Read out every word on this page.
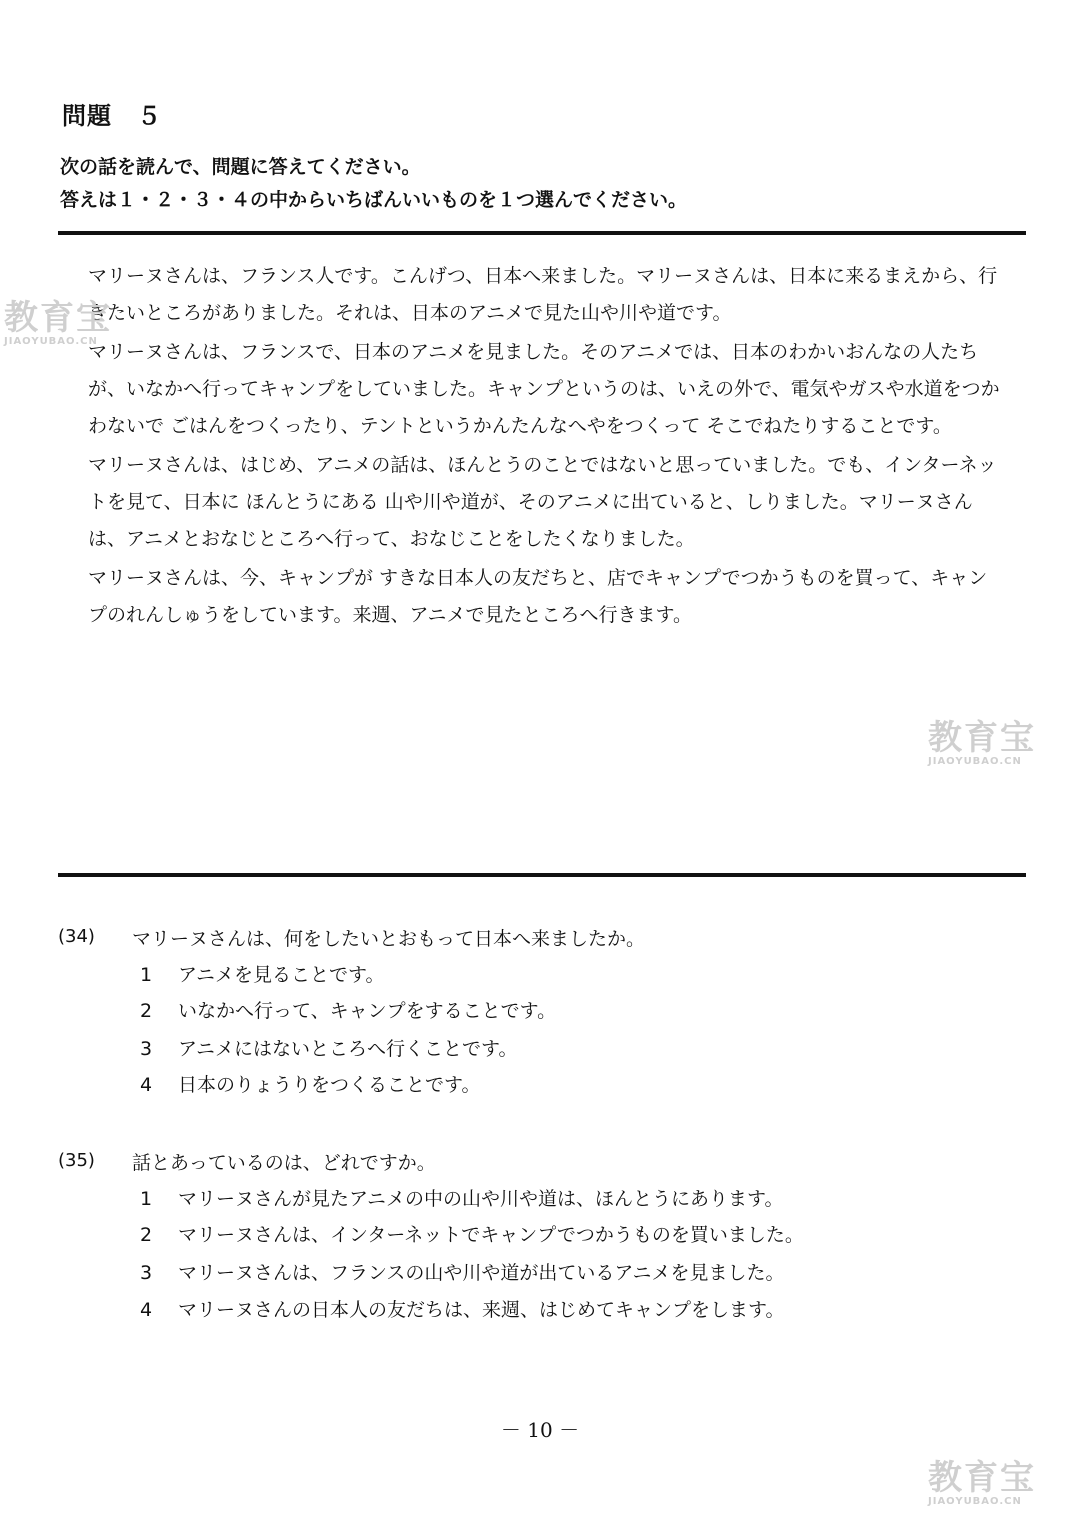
問題　５
次の話を読んで、問題に答えてください。
答えは１・２・３・４の中からいちばんいいものを１つ選んでください。

マリーヌさんは、フランス人です。こんげつ、日本へ来ました。マリーヌさんは、日本に来るまえから、行きたいところがありました。それは、日本のアニメで見た山や川や道です。

マリーヌさんは、フランスで、日本のアニメを見ました。そのアニメでは、日本のわかいおんなの人たちが、いなかへ行ってキャンプをしていました。キャンプというのは、いえの外で、電気やガスや水道をつかわないで ごはんをつくったり、テントというかんたんなへやをつくって そこでねたりすることです。

マリーヌさんは、はじめ、アニメの話は、ほんとうのことではないと思っていました。でも、インターネットを見て、日本に ほんとうにある 山や川や道が、そのアニメに出ていると、しりました。マリーヌさんは、アニメとおなじところへ行って、おなじことをしたくなりました。

マリーヌさんは、今、キャンプが すきな日本人の友だちと、店でキャンプでつかうものを買って、キャンプのれんしゅうをしています。来週、アニメで見たところへ行きます。

(34) マリーヌさんは、何をしたいとおもって日本へ来ましたか。
1 アニメを見ることです。
2 いなかへ行って、キャンプをすることです。
3 アニメにはないところへ行くことです。
4 日本のりょうりをつくることです。
(35) 話とあっているのは、どれですか。
1 マリーヌさんが見たアニメの中の山や川や道は、ほんとうにあります。
2 マリーヌさんは、インターネットでキャンプでつかうものを買いました。
3 マリーヌさんは、フランスの山や川や道が出ているアニメを見ました。
4 マリーヌさんの日本人の友だちは、来週、はじめてキャンプをします。
－ 10 －
教育宝
JIAOYUBAO.CN
教育宝
JIAOYUBAO.CN
教育宝
JIAOYUBAO.CN
